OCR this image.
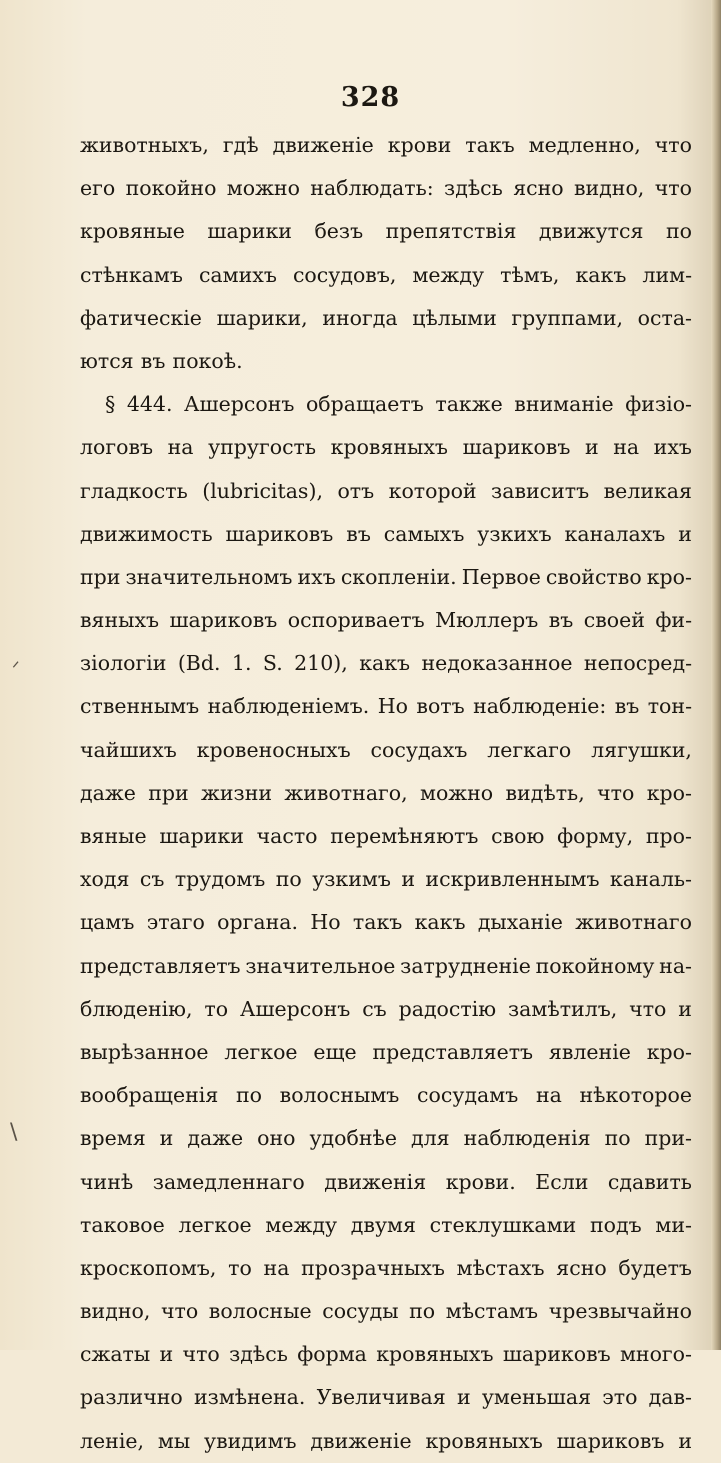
328
животныхъ, гдѣ движенiе крови такъ медленно, что
его покойно можно наблюдать: здѣсь ясно видно, что
кровяные шарики безъ препятствiя движутся по
стѣнкамъ самихъ сосудовъ, между тѣмъ, какъ лим-
фатическiе шарики, иногда цѣлыми группами, оста-
ются въ покоѣ.
§ 444. Ашерсонъ обращаетъ также вниманiе физiо-
логовъ на упругость кровяныхъ шариковъ и на ихъ
гладкость (lubricitas), отъ которой зависитъ великая
движимость шариковъ въ самыхъ узкихъ каналахъ и
при значительномъ ихъ скопленiи. Первое свойство кро-
вяныхъ шариковъ оспориваетъ Мюллеръ въ своей фи-
зiологiи (Bd. 1. S. 210), какъ недоказанное непосред-
ственнымъ наблюденiемъ. Но вотъ наблюденiе: въ тон-
чайшихъ кровеносныхъ сосудахъ легкаго лягушки,
даже при жизни животнаго, можно видѣть, что кро-
вяные шарики часто перемѣняютъ свою форму, про-
ходя съ трудомъ по узкимъ и искривленнымъ каналь-
цамъ этаго органа. Но такъ какъ дыханiе животнаго
представляетъ значительное затрудненiе покойному на-
блюденiю, то Ашерсонъ съ радостiю замѣтилъ, что и
вырѣзанное легкое еще представляетъ явленiе кро-
вообращенiя по волоснымъ сосудамъ на нѣкоторое
время и даже оно удобнѣе для наблюденiя по при-
чинѣ замедленнаго движенiя крови. Если сдавить
таковое легкое между двумя стеклушками подъ ми-
кроскопомъ, то на прозрачныхъ мѣстахъ ясно будетъ
видно, что волосные сосуды по мѣстамъ чрезвычайно
сжаты и что здѣсь форма кровяныхъ шариковъ много-
различно измѣнена. Увеличивая и уменьшая это дав-
ленiе, мы увидимъ движенiе кровяныхъ шариковъ и
ᐟ
\
